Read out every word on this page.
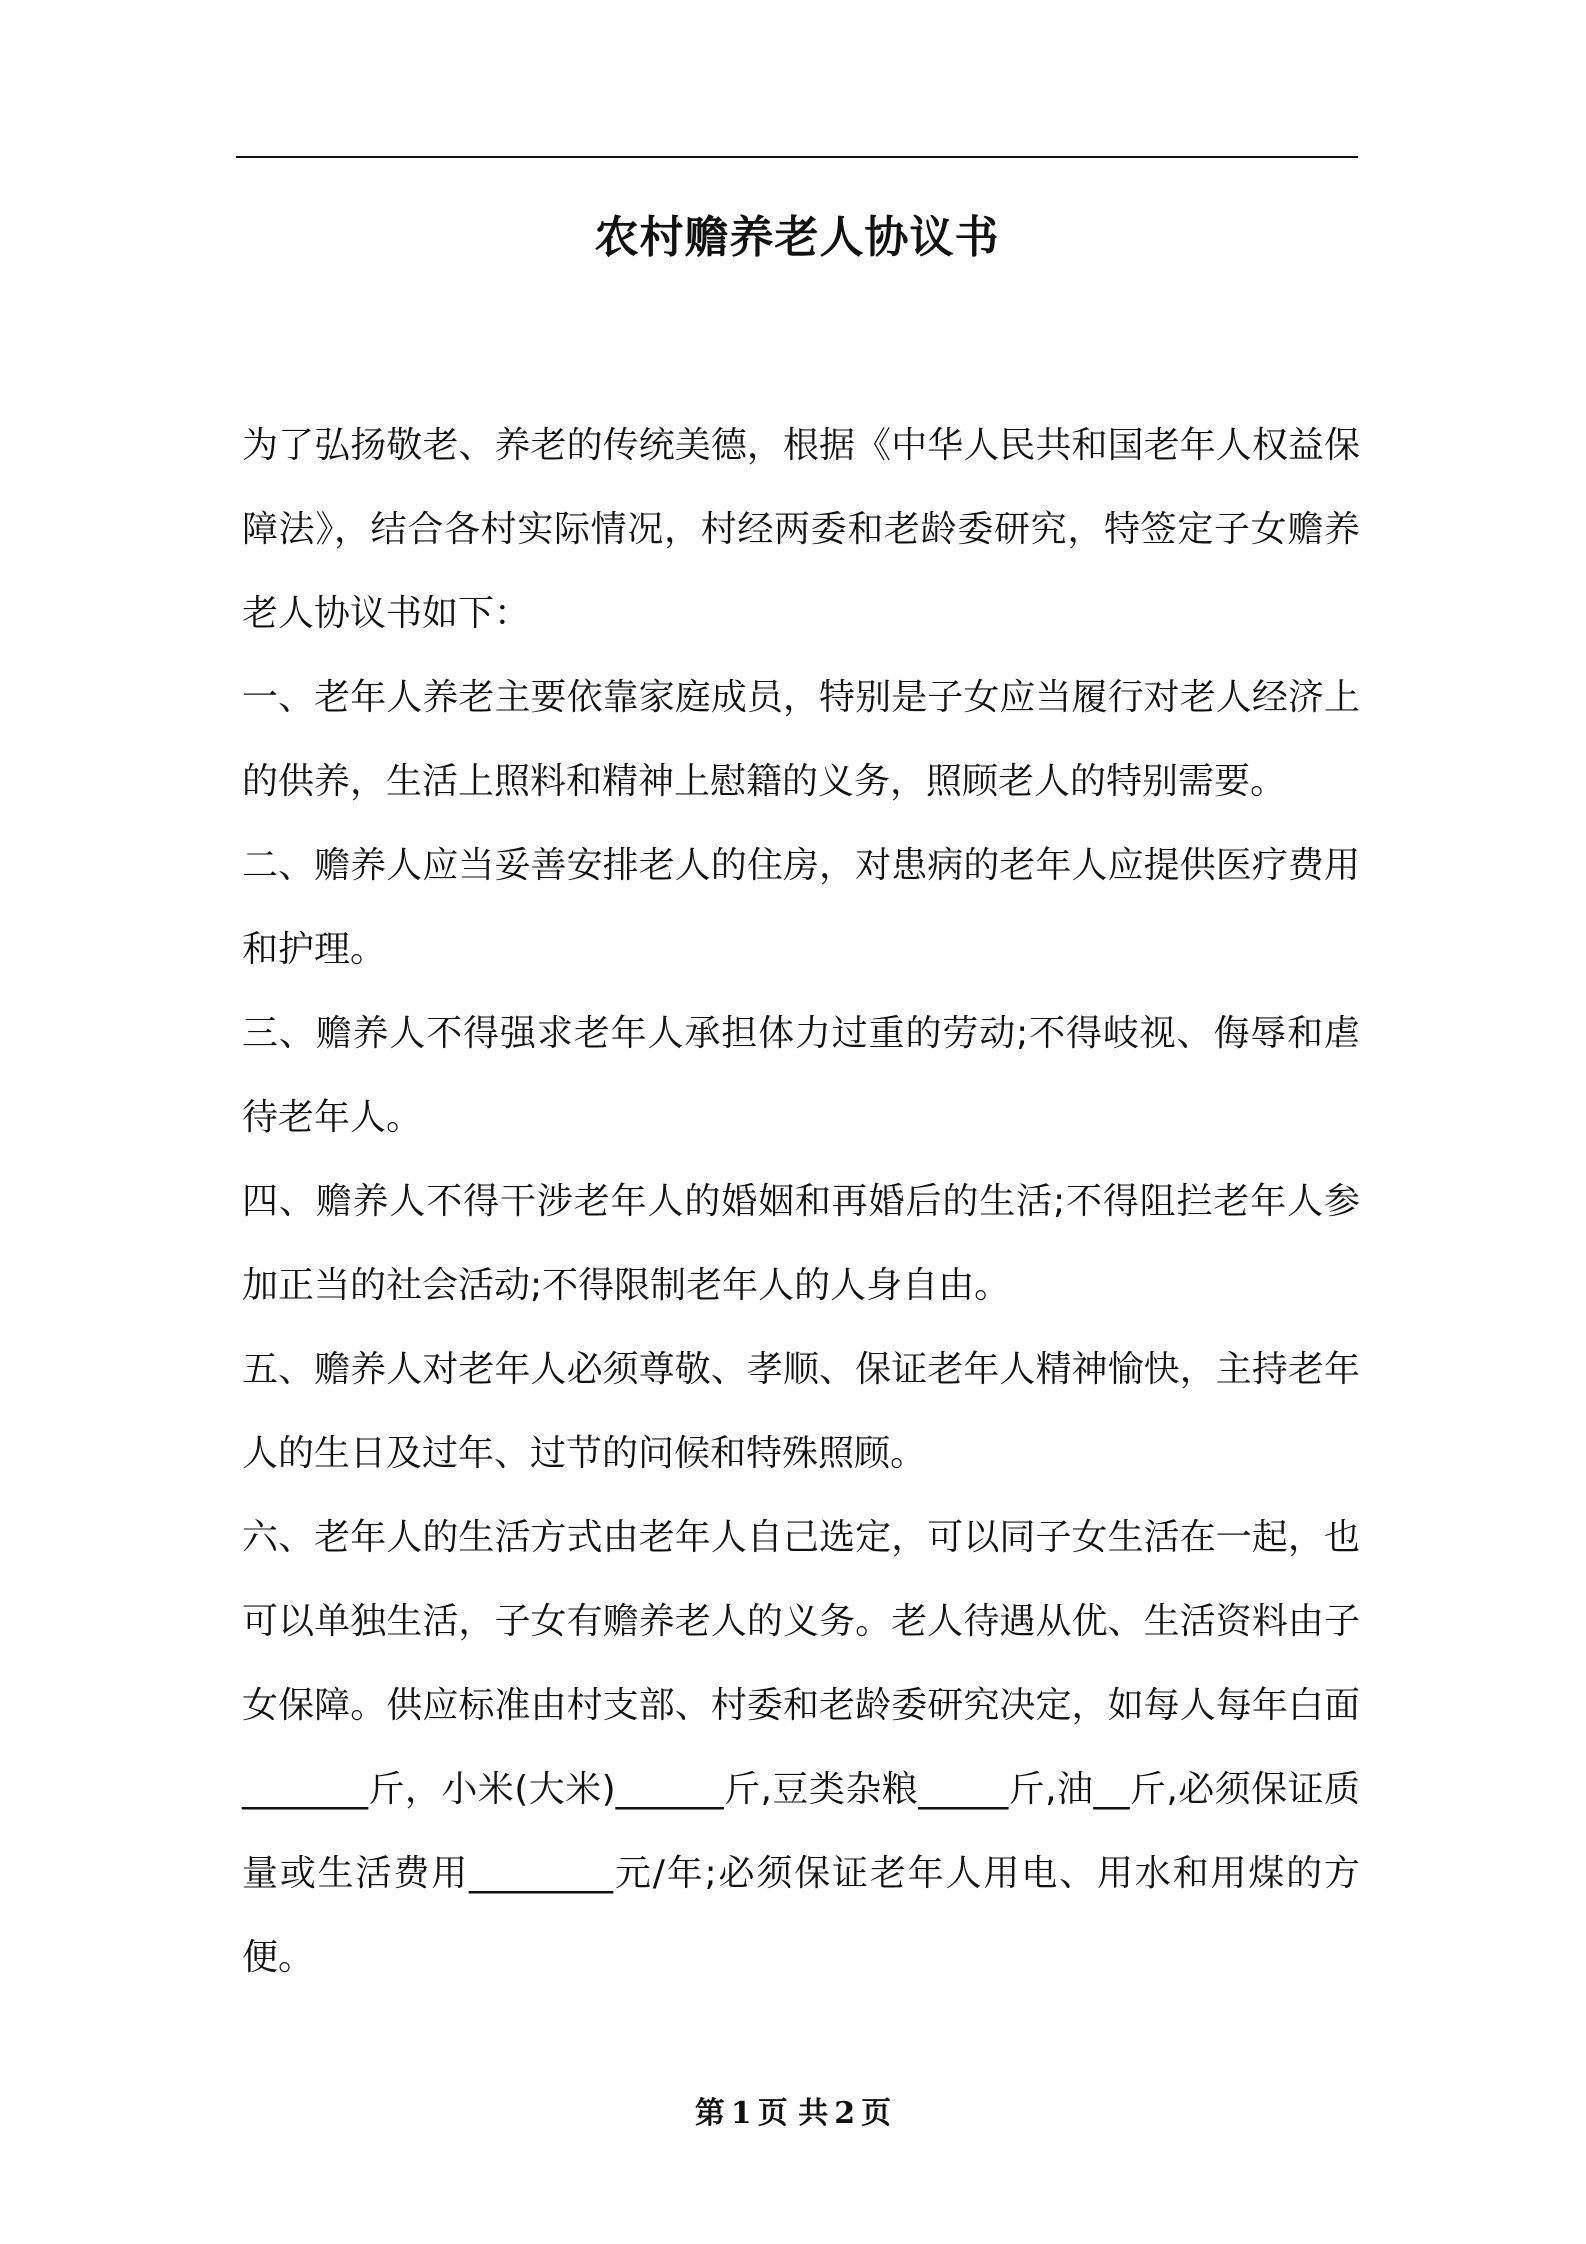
农村赡养老人协议书

为了弘扬敬老、养老的传统美德，根据《中华人民共和国老年人权益保障法》，结合各村实际情况，村经两委和老龄委研究，特签定子女赡养老人协议书如下：

一、老年人养老主要依靠家庭成员，特别是子女应当履行对老人经济上的供养，生活上照料和精神上慰籍的义务，照顾老人的特别需要。

二、赡养人应当妥善安排老人的住房，对患病的老年人应提供医疗费用和护理。

三、赡养人不得强求老年人承担体力过重的劳动;不得岐视、侮辱和虐待老年人。

四、赡养人不得干涉老年人的婚姻和再婚后的生活;不得阻拦老年人参加正当的社会活动;不得限制老年人的人身自由。

五、赡养人对老年人必须尊敬、孝顺、保证老年人精神愉快，主持老年人的生日及过年、过节的问候和特殊照顾。

六、老年人的生活方式由老年人自己选定，可以同子女生活在一起，也可以单独生活，子女有赡养老人的义务。老人待遇从优、生活资料由子女保障。供应标准由村支部、村委和老龄委研究决定，如每人每年白面_______斤，小米(大米)______斤,豆类杂粮_____斤,油__斤,必须保证质量或生活费用________元/年;必须保证老年人用电、用水和用煤的方便。

第 1 页 共 2 页
